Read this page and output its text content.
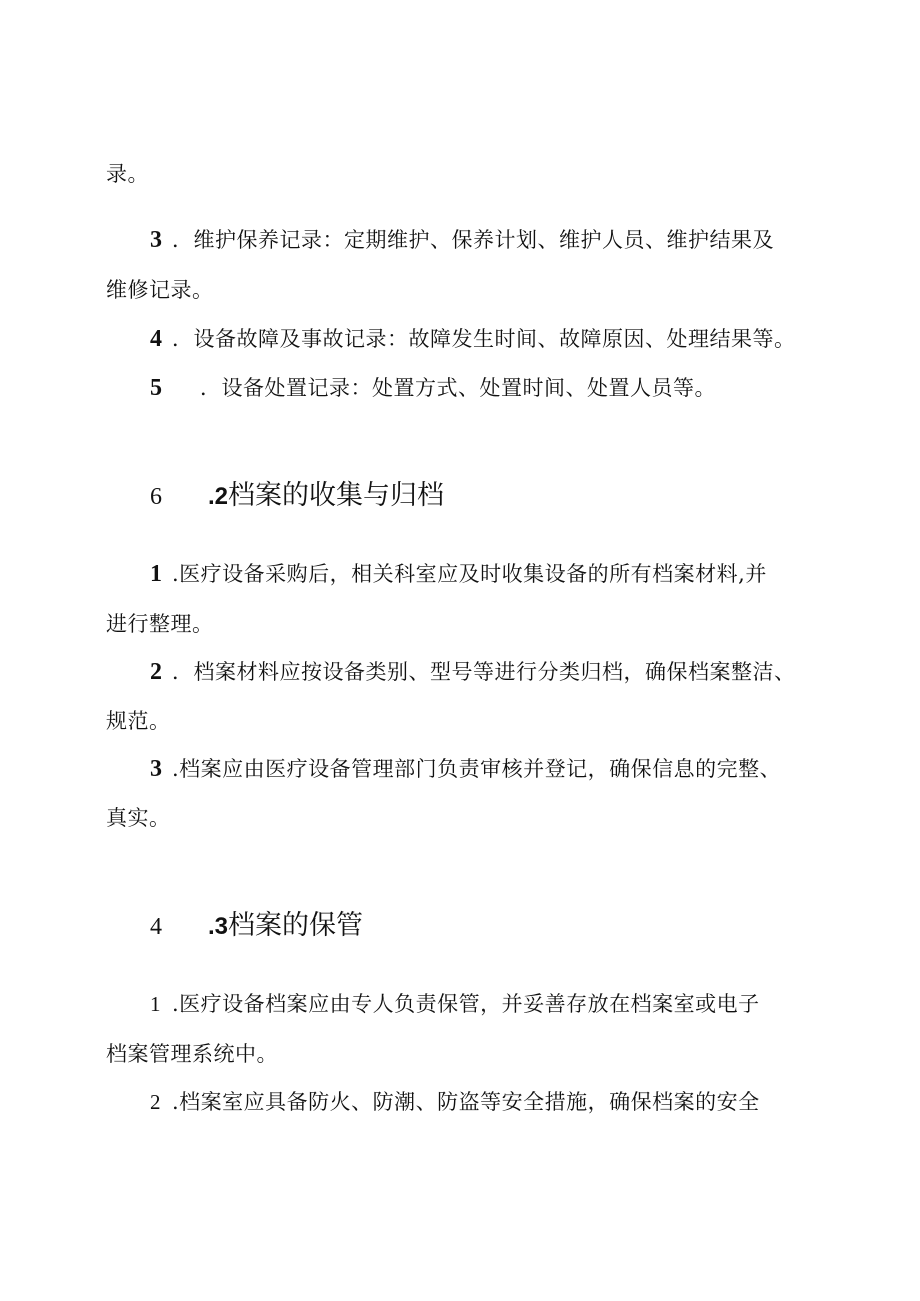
录。
3 ．维护保养记录：定期维护、保养计划、维护人员、维护结果及
维修记录。
4 ．设备故障及事故记录：故障发生时间、故障原因、处理结果等。
5 ．设备处置记录：处置方式、处置时间、处置人员等。
6 .2档案的收集与归档
1 .医疗设备采购后，相关科室应及时收集设备的所有档案材料,并
进行整理。
2 ．档案材料应按设备类别、型号等进行分类归档，确保档案整洁、
规范。
3 .档案应由医疗设备管理部门负责审核并登记，确保信息的完整、
真实。
4 .3档案的保管
1 .医疗设备档案应由专人负责保管，并妥善存放在档案室或电子
档案管理系统中。
2 .档案室应具备防火、防潮、防盗等安全措施，确保档案的安全
